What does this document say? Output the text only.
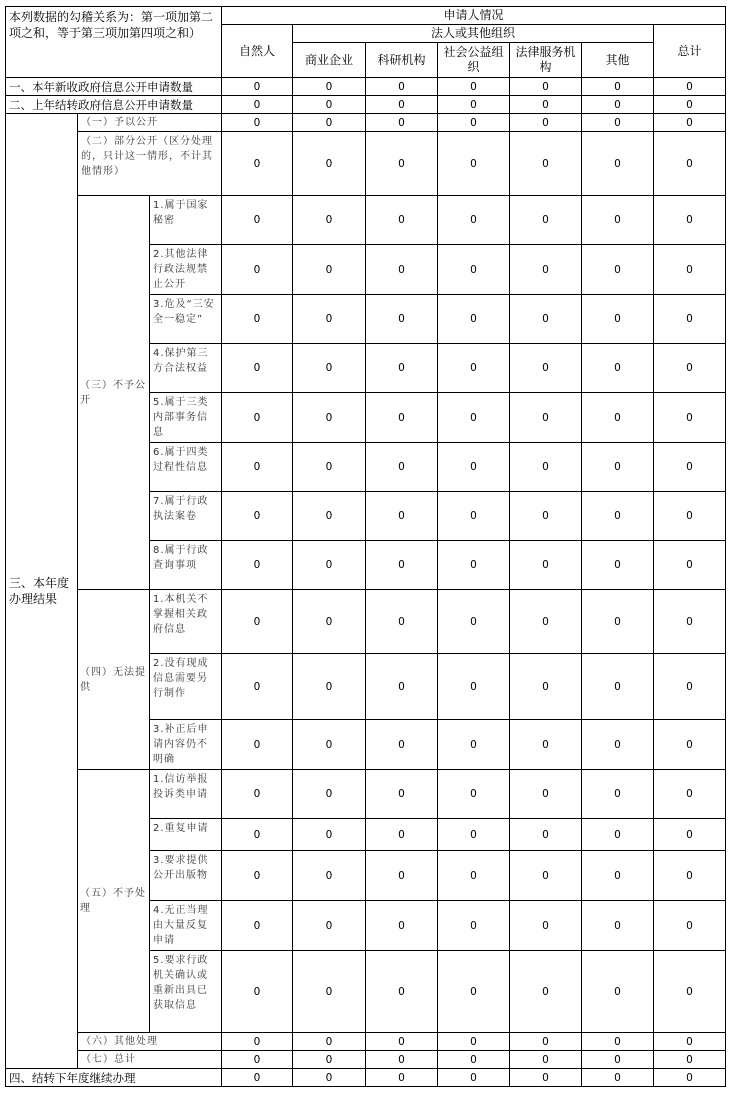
本列数据的勾稽关系为：第一项加第二项之和，等于第三项加第四项之和）			申请人情况						
			自然人	法人或其他组织					总计
				商业企业	科研机构	社会公益组织	法律服务机构	其他	
一、本年新收政府信息公开申请数量			0	0	0	0	0	0	0
二、上年结转政府信息公开申请数量			0	0	0	0	0	0	0
三、本年度办理结果	（一）予以公开		0	0	0	0	0	0	0
	（二）部分公开（区分处理的，只计这一情形，不计其他情形）		0	0	0	0	0	0	0
	（三）不予公开	1.属于国家秘密	0	0	0	0	0	0	0
		2.其他法律行政法规禁止公开	0	0	0	0	0	0	0
		3.危及“三安全一稳定”	0	0	0	0	0	0	0
		4.保护第三方合法权益	0	0	0	0	0	0	0
		5.属于三类内部事务信息	0	0	0	0	0	0	0
		6.属于四类过程性信息	0	0	0	0	0	0	0
		7.属于行政执法案卷	0	0	0	0	0	0	0
		8.属于行政查询事项	0	0	0	0	0	0	0
	（四）无法提供	1.本机关不掌握相关政府信息	0	0	0	0	0	0	0
		2.没有现成信息需要另行制作	0	0	0	0	0	0	0
		3.补正后申请内容仍不明确	0	0	0	0	0	0	0
	（五）不予处理	1.信访举报投诉类申请	0	0	0	0	0	0	0
		2.重复申请	0	0	0	0	0	0	0
		3.要求提供公开出版物	0	0	0	0	0	0	0
		4.无正当理由大量反复申请	0	0	0	0	0	0	0
		5.要求行政机关确认或重新出具已获取信息	0	0	0	0	0	0	0
	（六）其他处理		0	0	0	0	0	0	0
	（七）总计		0	0	0	0	0	0	0
四、结转下年度继续办理			0	0	0	0	0	0	0
